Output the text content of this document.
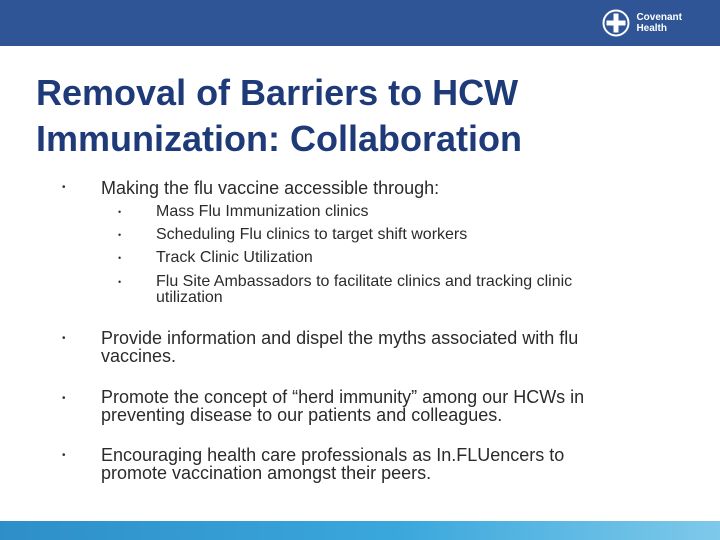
Covenant
Health
Removal of Barriers to HCW
Immunization: Collaboration
• Making the flu vaccine accessible through:
• Mass Flu Immunization clinics
• Scheduling Flu clinics to target shift workers
• Track Clinic Utilization
• Flu Site Ambassadors to facilitate clinics and tracking clinic
utilization
• Provide information and dispel the myths associated with flu
vaccines.
• Promote the concept of “herd immunity” among our HCWs in
preventing disease to our patients and colleagues.
• Encouraging health care professionals as In.FLUencers to
promote vaccination amongst their peers.
